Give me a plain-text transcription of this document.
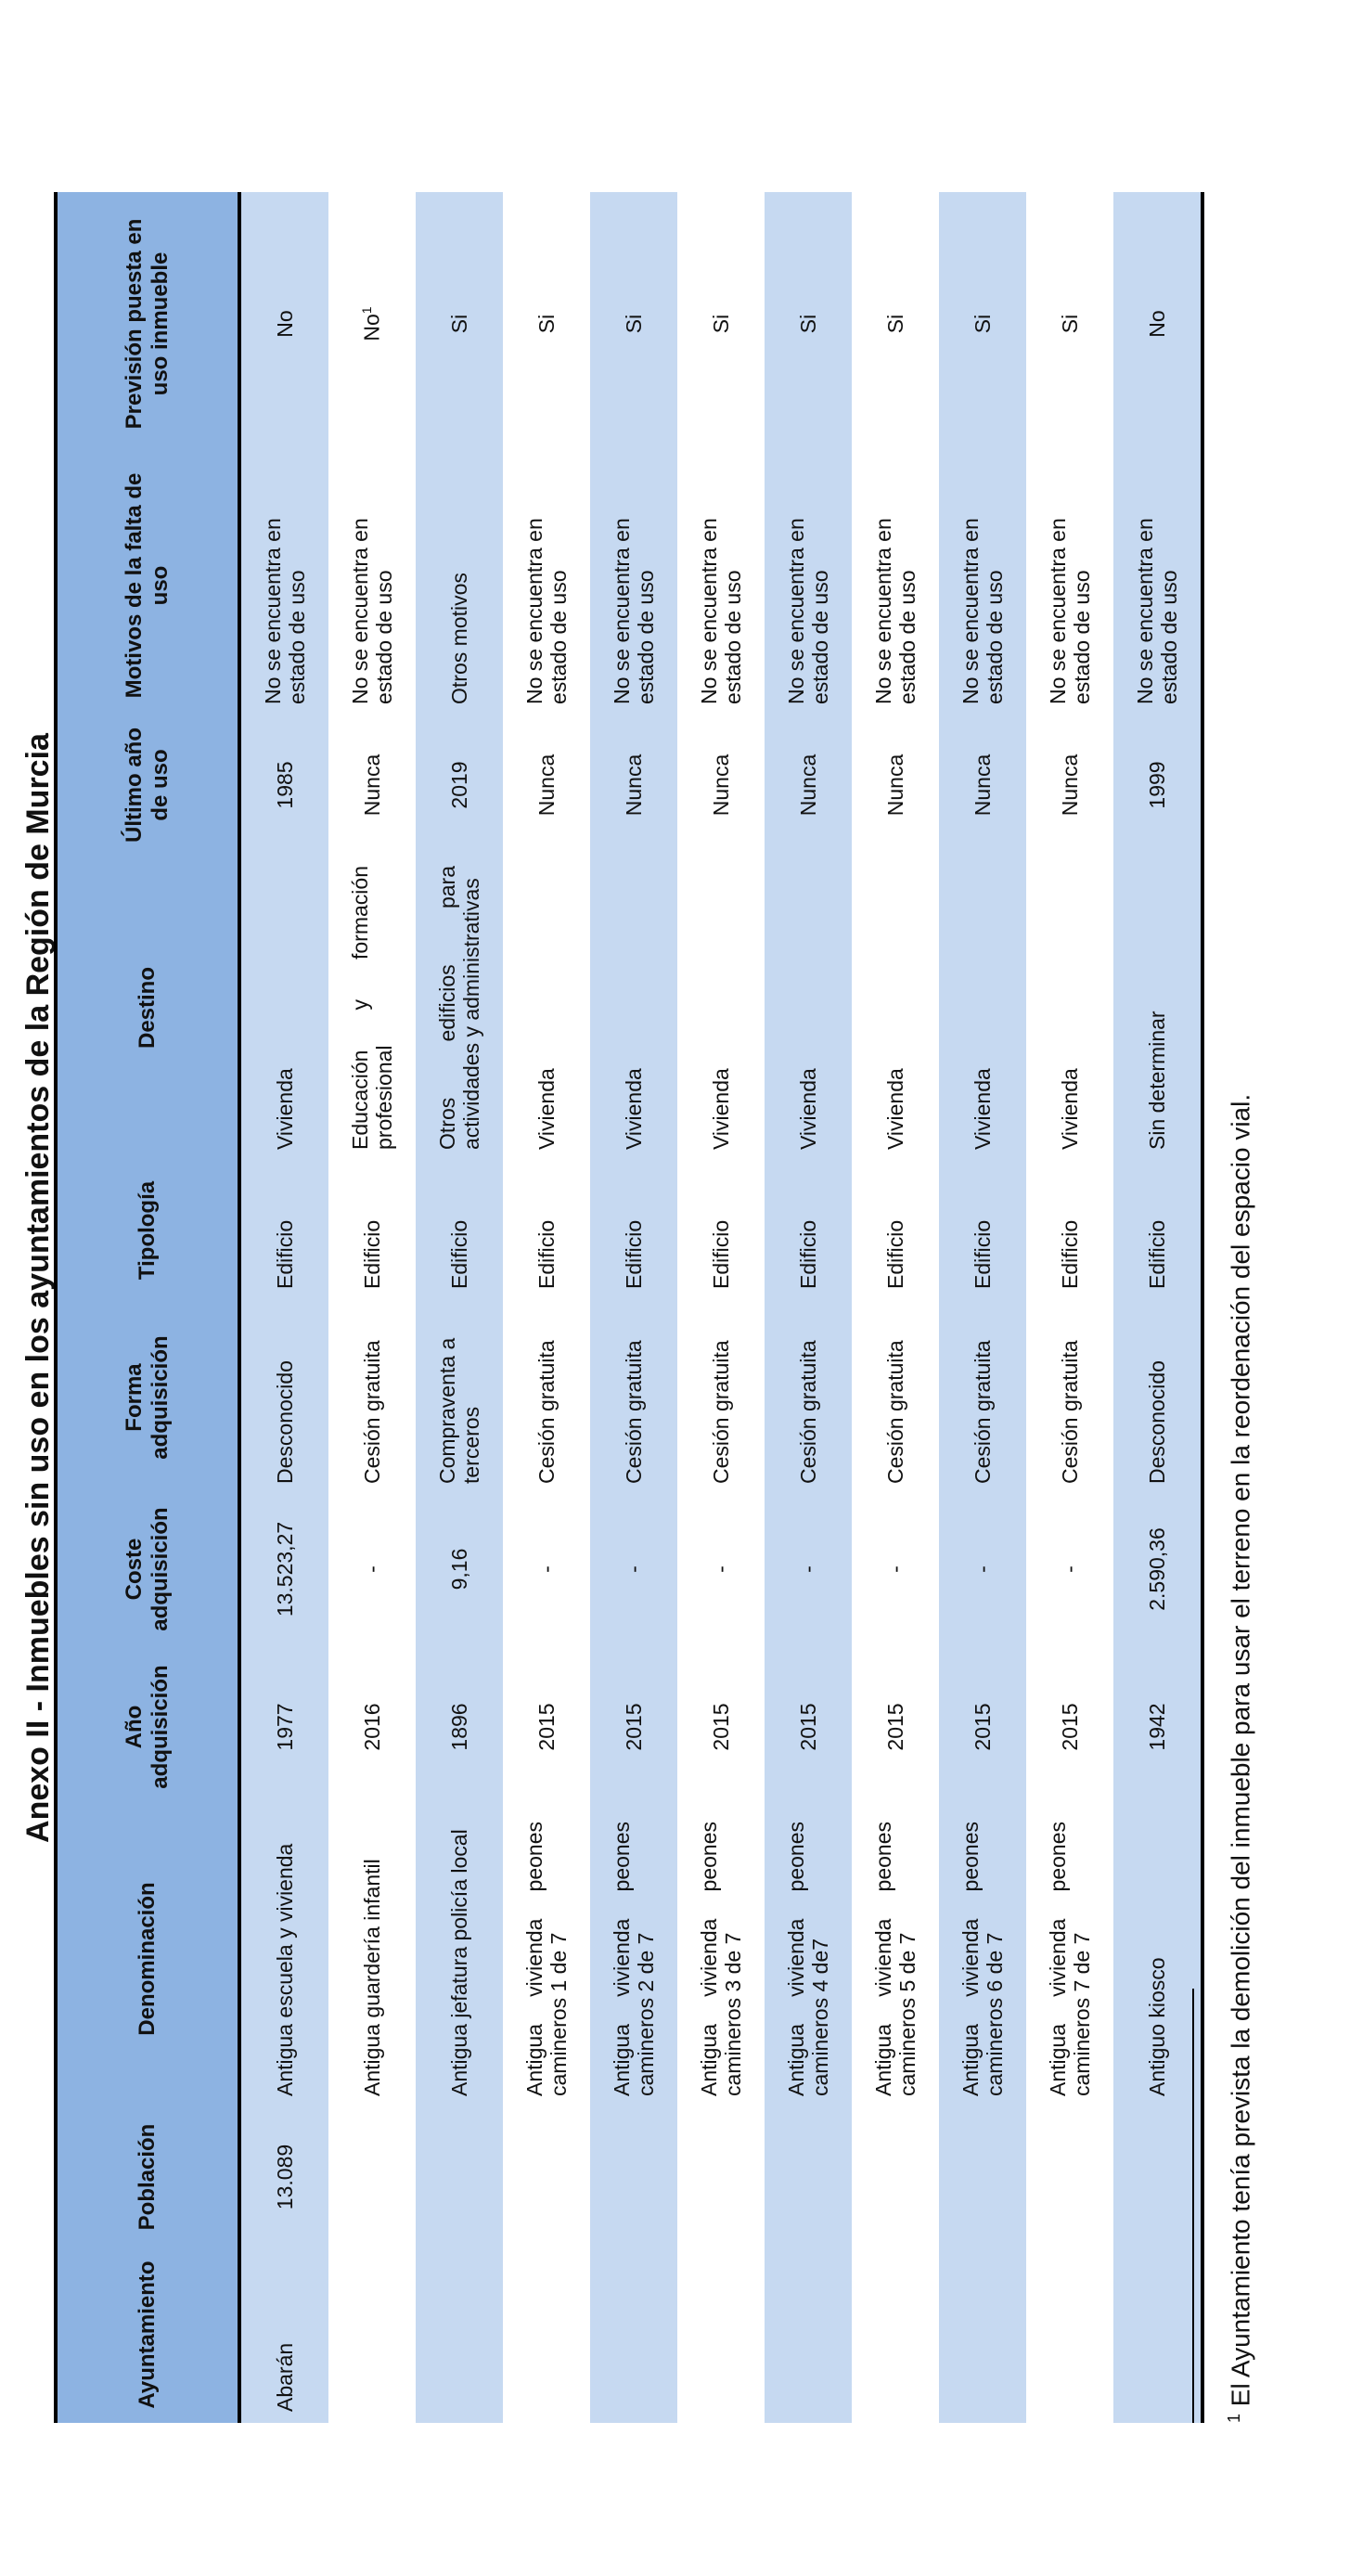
Anexo II - Inmuebles sin uso en los ayuntamientos de la Región de Murcia
Ayuntamiento	Población	Denominación	Año adquisición	Coste adquisición	Forma adquisición	Tipología	Destino	Último año de uso	Motivos de la falta de uso	Previsión puesta en uso inmueble
Abarán	13.089	Antigua escuela y vivienda	1977	13.523,27	Desconocido	Edificio	Vivienda	1985	No se encuentra en estado de uso	No
		Antigua guardería infantil	2016	-	Cesión gratuita	Edificio	Educación y formación profesional	Nunca	No se encuentra en estado de uso	No$^1$
		Antigua jefatura policía local	1896	9,16	Compraventa a terceros	Edificio	Otros edificios para actividades y administrativas	2019	Otros motivos	Si
		Antigua vivienda peones camineros 1 de 7	2015	-	Cesión gratuita	Edificio	Vivienda	Nunca	No se encuentra en estado de uso	Si
		Antigua vivienda peones camineros 2 de 7	2015	-	Cesión gratuita	Edificio	Vivienda	Nunca	No se encuentra en estado de uso	Si
		Antigua vivienda peones camineros 3 de 7	2015	-	Cesión gratuita	Edificio	Vivienda	Nunca	No se encuentra en estado de uso	Si
		Antigua vivienda peones camineros 4 de7	2015	-	Cesión gratuita	Edificio	Vivienda	Nunca	No se encuentra en estado de uso	Si
		Antigua vivienda peones camineros 5 de 7	2015	-	Cesión gratuita	Edificio	Vivienda	Nunca	No se encuentra en estado de uso	Si
		Antigua vivienda peones camineros 6 de 7	2015	-	Cesión gratuita	Edificio	Vivienda	Nunca	No se encuentra en estado de uso	Si
		Antigua vivienda peones camineros 7 de 7	2015	-	Cesión gratuita	Edificio	Vivienda	Nunca	No se encuentra en estado de uso	Si
		Antiguo kiosco	1942	2.590,36	Desconocido	Edificio	Sin determinar	1999	No se encuentra en estado de uso	No
$^1$ El Ayuntamiento tenía prevista la demolición del inmueble para usar el terreno en la reordenación del espacio vial.
